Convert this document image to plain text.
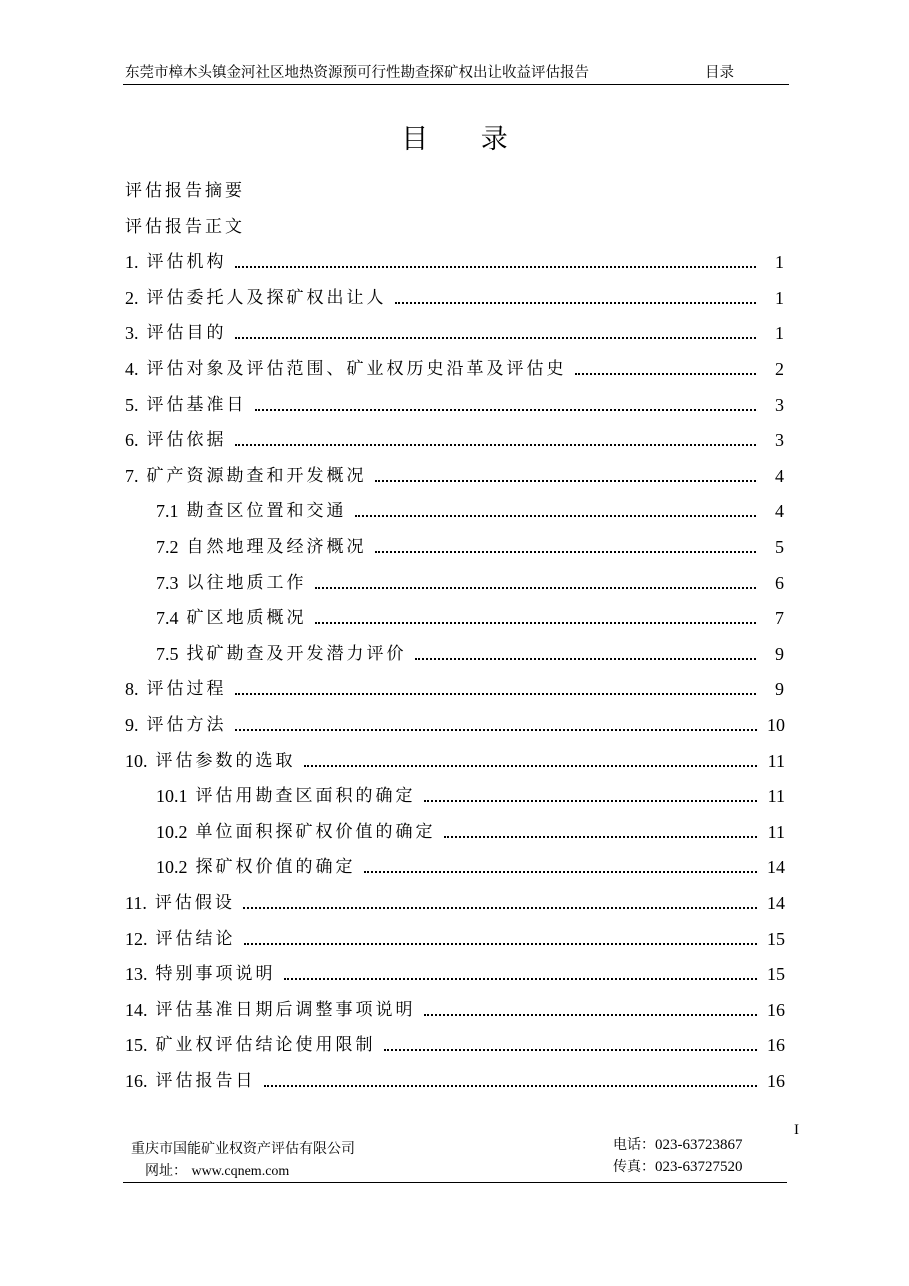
东莞市樟木头镇金河社区地热资源预可行性勘查探矿权出让收益评估报告	目录
目 录
评估报告摘要
评估报告正文
1. 评估机构	1
2. 评估委托人及探矿权出让人	1
3. 评估目的	1
4. 评估对象及评估范围、矿业权历史沿革及评估史	2
5. 评估基准日	3
6. 评估依据	3
7. 矿产资源勘查和开发概况	4
7.1 勘查区位置和交通	4
7.2 自然地理及经济概况	5
7.3 以往地质工作	6
7.4 矿区地质概况	7
7.5 找矿勘查及开发潜力评价	9
8. 评估过程	9
9. 评估方法	10
10. 评估参数的选取	11
10.1 评估用勘查区面积的确定	11
10.2 单位面积探矿权价值的确定	11
10.2 探矿权价值的确定	14
11. 评估假设	14
12. 评估结论	15
13. 特别事项说明	15
14. 评估基准日期后调整事项说明	16
15. 矿业权评估结论使用限制	16
16. 评估报告日	16
I
重庆市国能矿业权资产评估有限公司
网址： www.cqnem.com
电话：023-63723867
传真：023-63727520
